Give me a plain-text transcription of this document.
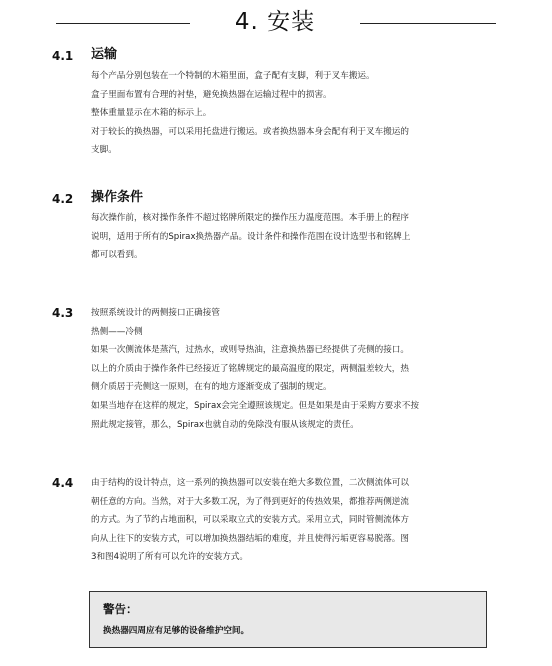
4. 安装
4.1 运输

每个产品分别包装在一个特制的木箱里面，盒子配有支脚，利于叉车搬运。

盒子里面布置有合理的衬垫，避免换热器在运输过程中的损害。

整体重量显示在木箱的标示上。

对于较长的换热器，可以采用托盘进行搬运。或者换热器本身会配有利于叉车搬运的

支脚。

4.2 操作条件

每次操作前，核对操作条件不超过铭牌所限定的操作压力温度范围。本手册上的程序

说明，适用于所有的Spirax换热器产品。设计条件和操作范围在设计选型书和铭牌上

都可以看到。

4.3 按照系统设计的两侧接口正确接管

热侧——冷侧

如果一次侧流体是蒸汽，过热水，或则导热油，注意换热器已经提供了壳侧的接口。

以上的介质由于操作条件已经接近了铭牌规定的最高温度的限定，两侧温差较大，热

侧介质居于壳侧这一原则，在有的地方逐渐变成了强制的规定。

如果当地存在这样的规定，Spirax会完全遵照该规定。但是如果是由于采购方要求不按

照此规定接管，那么，Spirax也就自动的免除没有服从该规定的责任。

4.4 由于结构的设计特点，这一系列的换热器可以安装在绝大多数位置，二次侧流体可以

朝任意的方向。当然，对于大多数工况，为了得到更好的传热效果，都推荐两侧逆流

的方式。为了节约占地面积，可以采取立式的安装方式。采用立式，同时管侧流体方

向从上往下的安装方式，可以增加换热器结垢的难度，并且使得污垢更容易脱落。图

3和图4说明了所有可以允许的安装方式。

警告：
换热器四周应有足够的设备维护空间。
